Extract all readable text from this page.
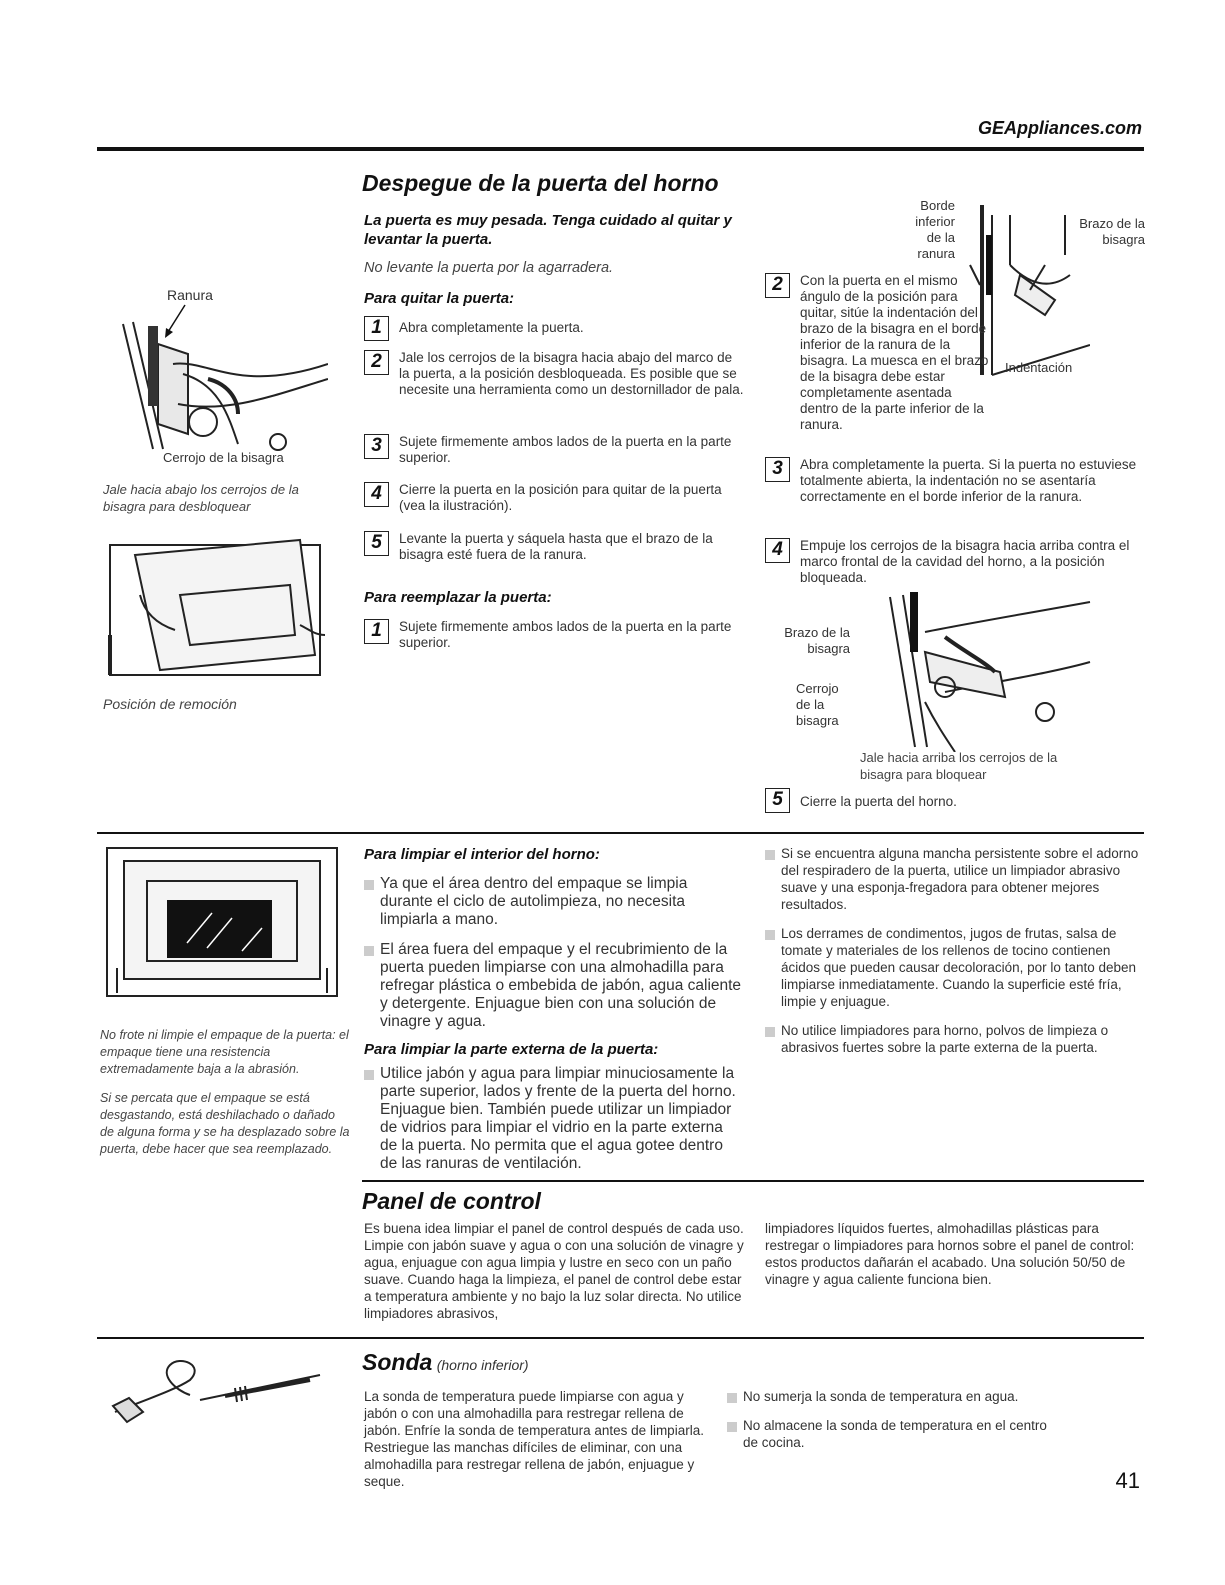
GEAppliances.com
Despegue de la puerta del horno
La puerta es muy pesada. Tenga cuidado al quitar y levantar la puerta.
No levante la puerta por la agarradera.
Para quitar la puerta:
1	Abra completamente la puerta.
2	Jale los cerrojos de la bisagra hacia abajo del marco de la puerta, a la posición desbloqueada. Es posible que se necesite una herramienta como un destornillador de pala.
3	Sujete firmemente ambos lados de la puerta en la parte superior.
4	Cierre la puerta en la posición para quitar de la puerta (vea la ilustración).
5	Levante la puerta y sáquela hasta que el brazo de la bisagra esté fuera de la ranura.
Para reemplazar la puerta:
1	Sujete firmemente ambos lados de la puerta en la parte superior.
Ranura
Cerrojo de la bisagra
Jale hacia abajo los cerrojos de la bisagra para desbloquear
Posición de remoción
Borde inferior de la ranura
Brazo de la bisagra
Indentación
2	Con la puerta en el mismo ángulo de la posición para quitar, sitúe la indentación del brazo de la bisagra en el borde inferior de la ranura de la bisagra. La muesca en el brazo de la bisagra debe estar completamente asentada dentro de la parte inferior de la ranura.
3	Abra completamente la puerta. Si la puerta no estuviese totalmente abierta, la indentación no se asentaría correctamente en el borde inferior de la ranura.
4	Empuje los cerrojos de la bisagra hacia arriba contra el marco frontal de la cavidad del horno, a la posición bloqueada.
Brazo de la bisagra
Cerrojo de la bisagra
Jale hacia arriba los cerrojos de la bisagra para bloquear
5	Cierre la puerta del horno.
No frote ni limpie el empaque de la puerta: el empaque tiene una resistencia extremadamente baja a la abrasión.
Si se percata que el empaque se está desgastando, está deshilachado o dañado de alguna forma y se ha desplazado sobre la puerta, debe hacer que sea reemplazado.
Para limpiar el interior del horno:
Ya que el área dentro del empaque se limpia durante el ciclo de autolimpieza, no necesita limpiarla a mano.
El área fuera del empaque y el recubrimiento de la puerta pueden limpiarse con una almohadilla para refregar plástica o embebida de jabón, agua caliente y detergente. Enjuague bien con una solución de vinagre y agua.
Para limpiar la parte externa de la puerta:
Utilice jabón y agua para limpiar minuciosamente la parte superior, lados y frente de la puerta del horno. Enjuague bien. También puede utilizar un limpiador de vidrios para limpiar el vidrio en la parte externa de la puerta. No permita que el agua gotee dentro de las ranuras de ventilación.
Si se encuentra alguna mancha persistente sobre el adorno del respiradero de la puerta, utilice un limpiador abrasivo suave y una esponja-fregadora para obtener mejores resultados.
Los derrames de condimentos, jugos de frutas, salsa de tomate y materiales de los rellenos de tocino contienen ácidos que pueden causar decoloración, por lo tanto deben limpiarse inmediatamente. Cuando la superficie esté fría, limpie y enjuague.
No utilice limpiadores para horno, polvos de limpieza o abrasivos fuertes sobre la parte externa de la puerta.
Panel de control
Es buena idea limpiar el panel de control después de cada uso. Limpie con jabón suave y agua o con una solución de vinagre y agua, enjuague con agua limpia y lustre en seco con un paño suave. Cuando haga la limpieza, el panel de control debe estar a temperatura ambiente y no bajo la luz solar directa. No utilice limpiadores abrasivos,
limpiadores líquidos fuertes, almohadillas plásticas para restregar o limpiadores para hornos sobre el panel de control: estos productos dañarán el acabado. Una solución 50/50 de vinagre y agua caliente funciona bien.
Sonda (horno inferior)
La sonda de temperatura puede limpiarse con agua y jabón o con una almohadilla para restregar rellena de jabón. Enfríe la sonda de temperatura antes de limpiarla. Restriegue las manchas difíciles de eliminar, con una almohadilla para restregar rellena de jabón, enjuague y seque.
No sumerja la sonda de temperatura en agua.
No almacene la sonda de temperatura en el centro de cocina.
41
